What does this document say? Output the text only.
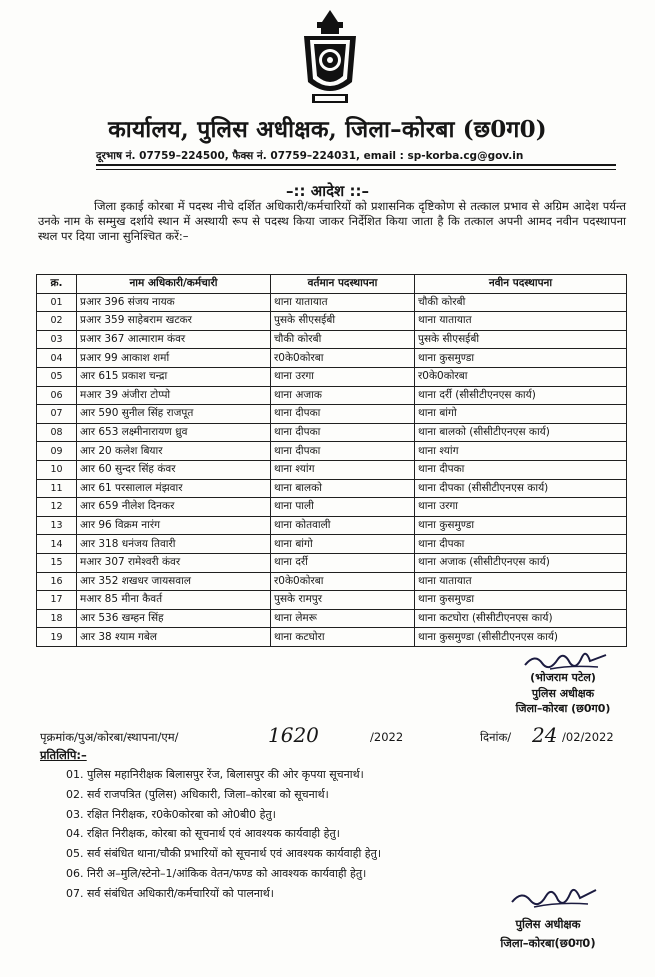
कार्यालय, पुलिस अधीक्षक, जिला–कोरबा (छ0ग0)
दूरभाष नं. 07759–224500, फैक्स नं. 07759–224031, email : sp-korba.cg@gov.in
–:: आदेश ::–
जिला इकाई कोरबा में पदस्थ नीचे दर्शित अधिकारी/कर्मचारियों को प्रशासनिक दृष्टिकोण से तत्काल प्रभाव से अग्रिम आदेश पर्यन्त उनके नाम के सम्मुख दर्शाये स्थान में अस्थायी रूप से पदस्थ किया जाकर निर्देशित किया जाता है कि तत्काल अपनी आमद नवीन पदस्थापना स्थल पर दिया जाना सुनिश्चित करें:–
क्र.	नाम अधिकारी/कर्मचारी	वर्तमान पदस्थापना	नवीन पदस्थापना
01	प्रआर 396 संजय नायक	थाना यातायात	चौकी कोरबी
02	प्रआर 359 साहेबराम खटकर	पुसके सीएसईबी	थाना यातायात
03	प्रआर 367 आत्माराम कंवर	चौकी कोरबी	पुसके सीएसईबी
04	प्रआर 99 आकाश शर्मा	र0के0कोरबा	थाना कुसमुण्डा
05	आर 615 प्रकाश चन्द्रा	थाना उरगा	र0के0कोरबा
06	मआर 39 अंजीरा टोप्पो	थाना अजाक	थाना दर्री (सीसीटीएनएस कार्य)
07	आर 590 सुनील सिंह राजपूत	थाना दीपका	थाना बांगो
08	आर 653 लक्ष्मीनारायण ध्रुव	थाना दीपका	थाना बालको (सीसीटीएनएस कार्य)
09	आर 20 कलेश बियार	थाना दीपका	थाना श्यांग
10	आर 60 सुन्दर सिंह कंवर	थाना श्यांग	थाना दीपका
11	आर 61 परसालाल मंझवार	थाना बालको	थाना दीपका (सीसीटीएनएस कार्य)
12	आर 659 नीलेश दिनकर	थाना पाली	थाना उरगा
13	आर 96 विक्रम नारंग	थाना कोतवाली	थाना कुसमुण्डा
14	आर 318 धनंजय तिवारी	थाना बांगो	थाना दीपका
15	मआर 307 रामेश्वरी कंवर	थाना दर्री	थाना अजाक (सीसीटीएनएस कार्य)
16	आर 352 शखधर जायसवाल	र0के0कोरबा	थाना यातायात
17	मआर 85 मीना कैवर्त	पुसके रामपुर	थाना कुसमुण्डा
18	आर 536 खम्हन सिंह	थाना लेमरू	थाना कटघोरा (सीसीटीएनएस कार्य)
19	आर 38 श्याम गबेल	थाना कटघोरा	थाना कुसमुण्डा (सीसीटीएनएस कार्य)
(भोजराम पटेल)
पुलिस अधीक्षक
जिला–कोरबा (छ0ग0)
पृक्रमांक/पुअ/कोरबा/स्थापना/एम/	1620	/2022	दिनांक/ 24 /02/2022
प्रतिलिपि:–
01. पुलिस महानिरीक्षक बिलासपुर रेंज, बिलासपुर की ओर कृपया सूचनार्थ।
02. सर्व राजपत्रित (पुलिस) अधिकारी, जिला–कोरबा को सूचनार्थ।
03. रक्षित निरीक्षक, र0के0कोरबा को ओ0बी0 हेतु।
04. रक्षित निरीक्षक, कोरबा को सूचनार्थ एवं आवश्यक कार्यवाही हेतु।
05. सर्व संबंधित थाना/चौकी प्रभारियों को सूचनार्थ एवं आवश्यक कार्यवाही हेतु।
06. निरी अ–मुलि/स्टेनो–1/आंकिक वेतन/फण्ड को आवश्यक कार्यवाही हेतु।
07. सर्व संबंधित अधिकारी/कर्मचारियों को पालनार्थ।
पुलिस अधीक्षक
जिला–कोरबा(छ0ग0)
